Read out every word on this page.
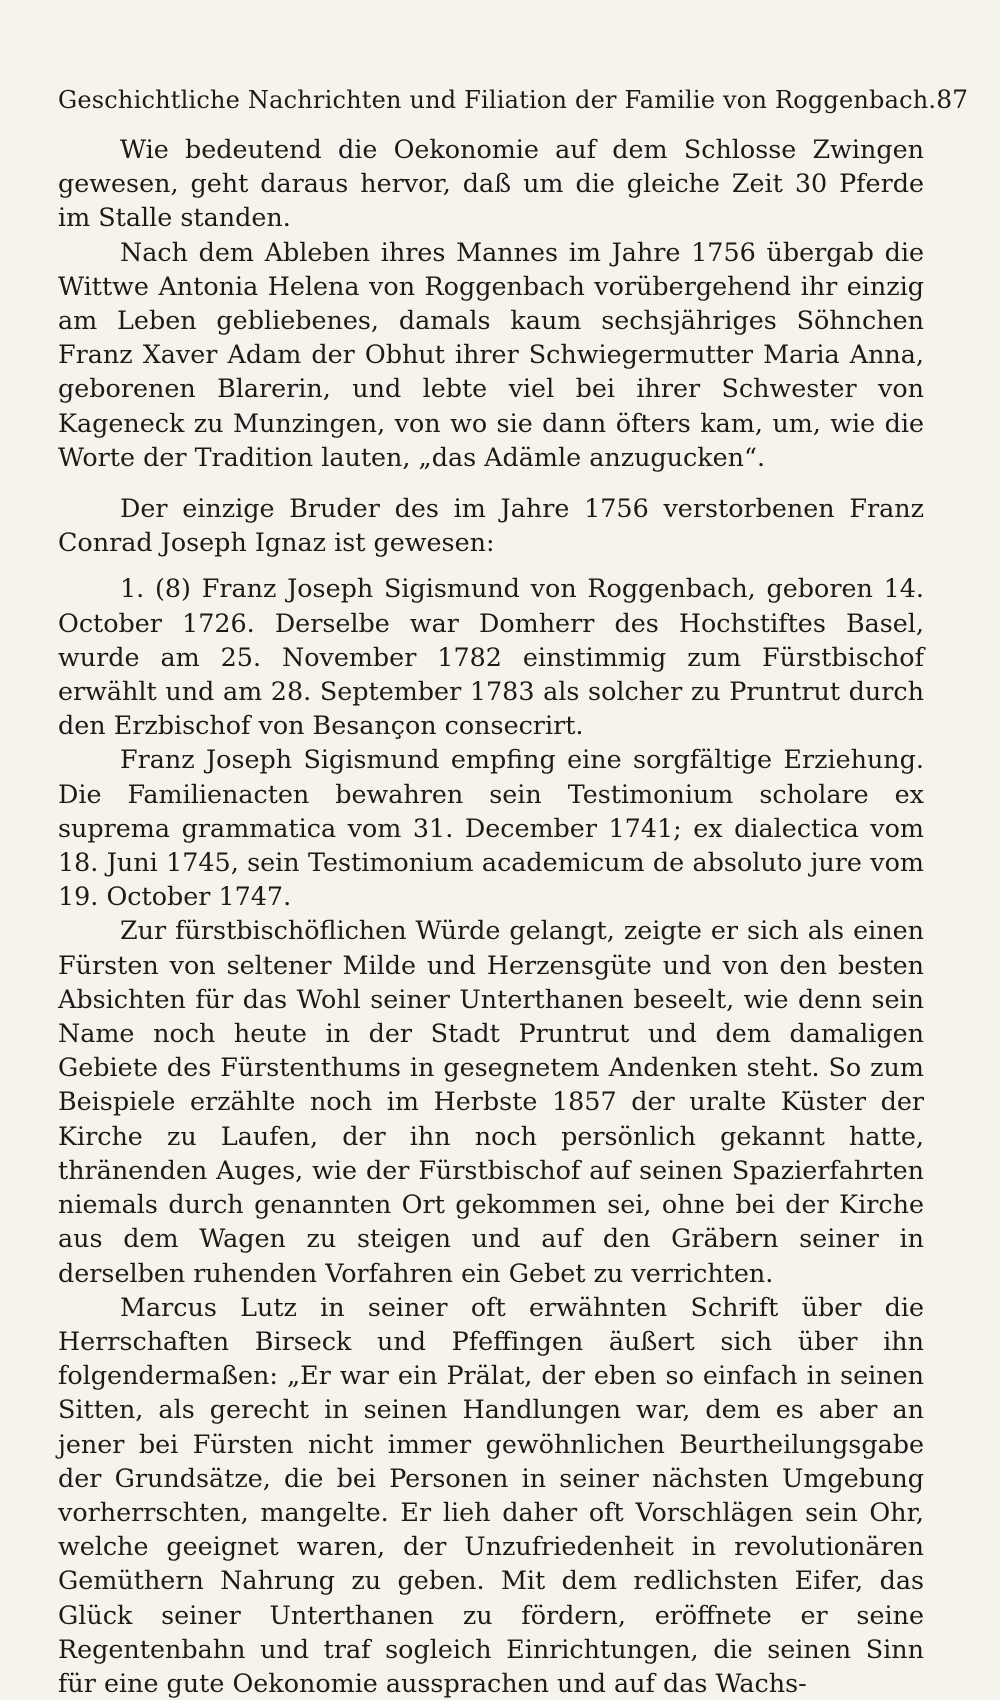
Geschichtliche Nachrichten und Filiation der Familie von Roggenbach. 87

Wie bedeutend die Oekonomie auf dem Schlosse Zwingen gewesen, geht daraus hervor, daß um die gleiche Zeit 30 Pferde im Stalle standen.

Nach dem Ableben ihres Mannes im Jahre 1756 übergab die Wittwe Antonia Helena von Roggenbach vorübergehend ihr einzig am Leben gebliebenes, damals kaum sechsjähriges Söhnchen Franz Xaver Adam der Obhut ihrer Schwiegermutter Maria Anna, geborenen Blarerin, und lebte viel bei ihrer Schwester von Kageneck zu Munzingen, von wo sie dann öfters kam, um, wie die Worte der Tradition lauten, „das Adämle anzugucken“.

Der einzige Bruder des im Jahre 1756 verstorbenen Franz Conrad Joseph Ignaz ist gewesen:

1. (8) Franz Joseph Sigismund von Roggenbach, geboren 14. October 1726. Derselbe war Domherr des Hochstiftes Basel, wurde am 25. November 1782 einstimmig zum Fürstbischof erwählt und am 28. September 1783 als solcher zu Pruntrut durch den Erzbischof von Besançon consecrirt.

Franz Joseph Sigismund empfing eine sorgfältige Erziehung. Die Familienacten bewahren sein Testimonium scholare ex suprema grammatica vom 31. December 1741; ex dialectica vom 18. Juni 1745, sein Testimonium academicum de absoluto jure vom 19. October 1747.

Zur fürstbischöflichen Würde gelangt, zeigte er sich als einen Fürsten von seltener Milde und Herzensgüte und von den besten Absichten für das Wohl seiner Unterthanen beseelt, wie denn sein Name noch heute in der Stadt Pruntrut und dem damaligen Gebiete des Fürstenthums in gesegnetem Andenken steht. So zum Beispiele erzählte noch im Herbste 1857 der uralte Küster der Kirche zu Laufen, der ihn noch persönlich gekannt hatte, thränenden Auges, wie der Fürstbischof auf seinen Spazierfahrten niemals durch genannten Ort gekommen sei, ohne bei der Kirche aus dem Wagen zu steigen und auf den Gräbern seiner in derselben ruhenden Vorfahren ein Gebet zu verrichten.

Marcus Lutz in seiner oft erwähnten Schrift über die Herrschaften Birseck und Pfeffingen äußert sich über ihn folgendermaßen: „Er war ein Prälat, der eben so einfach in seinen Sitten, als gerecht in seinen Handlungen war, dem es aber an jener bei Fürsten nicht immer gewöhnlichen Beurtheilungsgabe der Grundsätze, die bei Personen in seiner nächsten Umgebung vorherrschten, mangelte. Er lieh daher oft Vorschlägen sein Ohr, welche geeignet waren, der Unzufriedenheit in revolutionären Gemüthern Nahrung zu geben. Mit dem redlichsten Eifer, das Glück seiner Unterthanen zu fördern, eröffnete er seine Regentenbahn und traf sogleich Einrichtungen, die seinen Sinn für eine gute Oekonomie aussprachen und auf das Wachs-
